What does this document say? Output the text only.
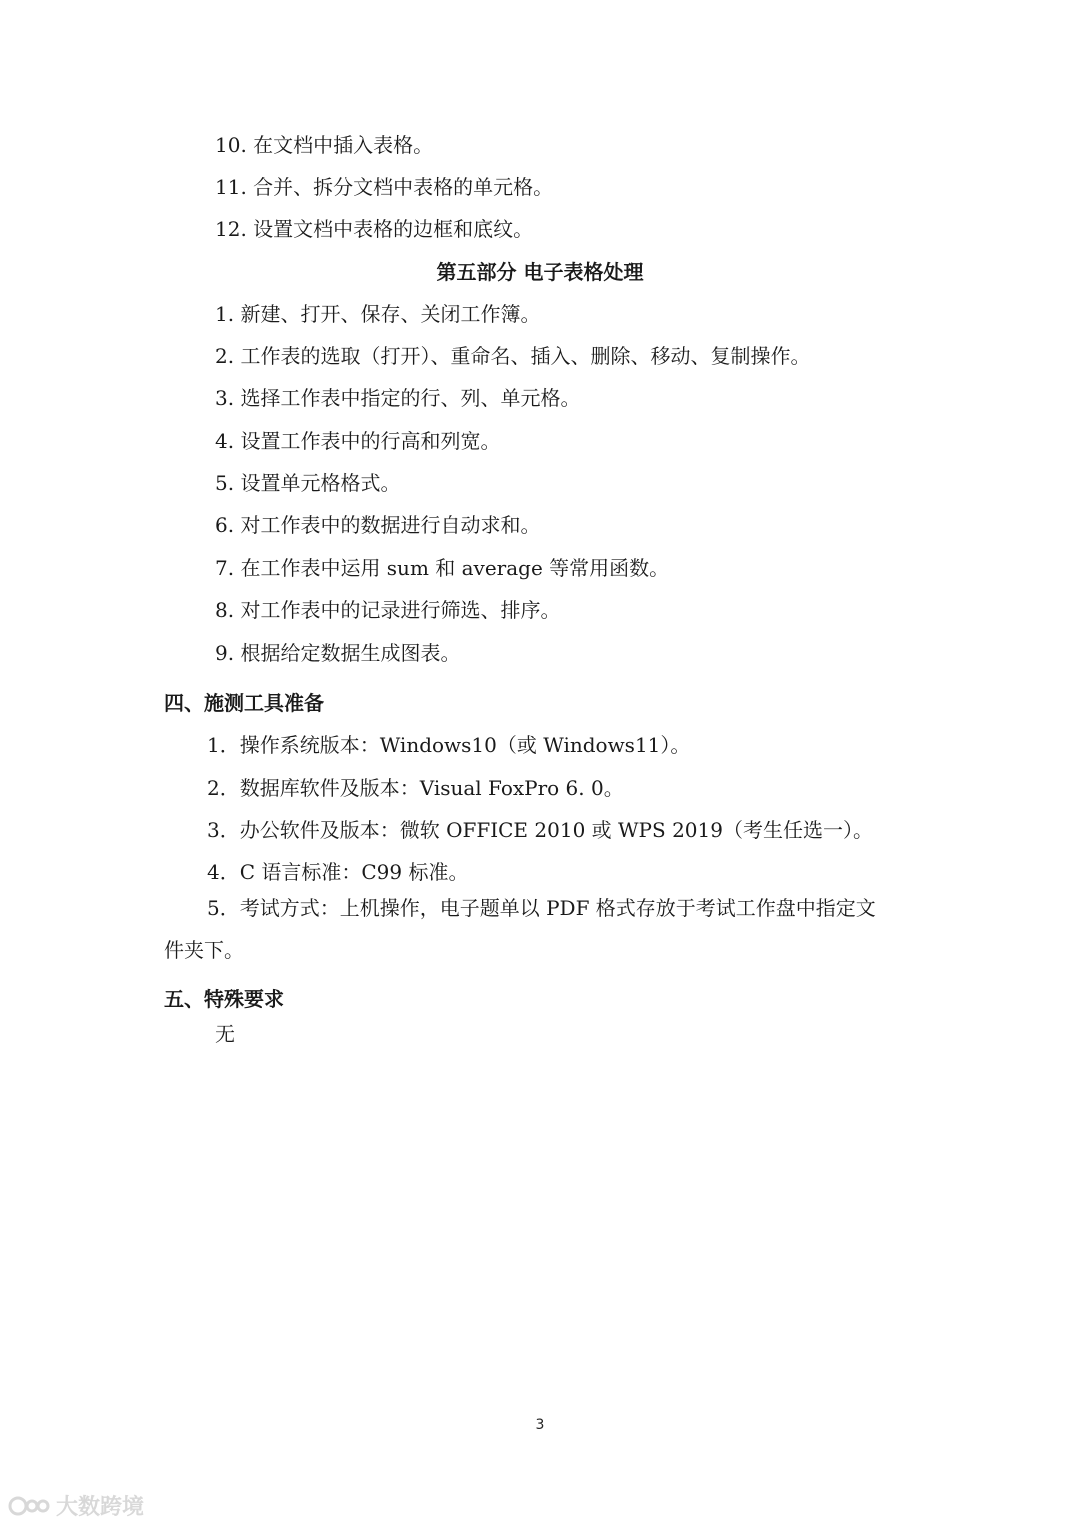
10. 在文档中插入表格。
11. 合并、拆分文档中表格的单元格。
12. 设置文档中表格的边框和底纹。
第五部分 电子表格处理
1. 新建、打开、保存、关闭工作簿。
2. 工作表的选取（打开）、重命名、插入、删除、移动、复制操作。
3. 选择工作表中指定的行、列、单元格。
4. 设置工作表中的行高和列宽。
5. 设置单元格格式。
6. 对工作表中的数据进行自动求和。
7. 在工作表中运用 sum 和 average 等常用函数。
8. 对工作表中的记录进行筛选、排序。
9. 根据给定数据生成图表。
四、施测工具准备
1．操作系统版本：Windows10（或 Windows11）。
2．数据库软件及版本：Visual FoxPro 6. 0。
3．办公软件及版本：微软 OFFICE 2010 或 WPS 2019（考生任选一）。
4．C 语言标准：C99 标准。
5．考试方式：上机操作，电子题单以 PDF 格式存放于考试工作盘中指定文
件夹下。
五、特殊要求
无
3
大数跨境
